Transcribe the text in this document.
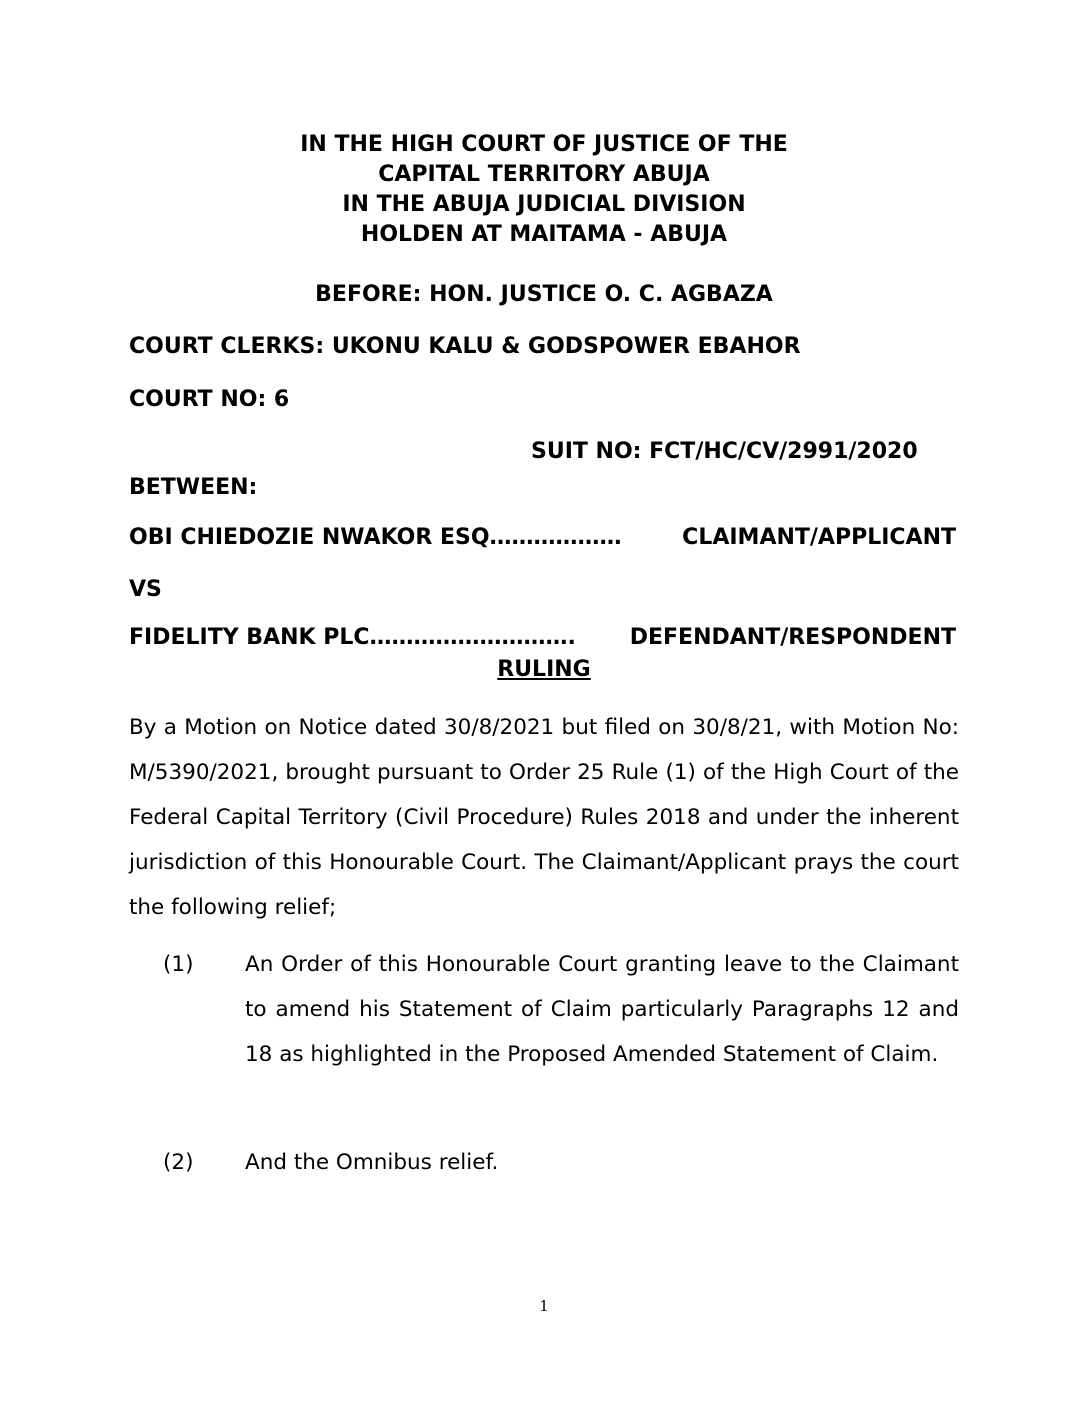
IN THE HIGH COURT OF JUSTICE OF THE

CAPITAL TERRITORY ABUJA

IN THE ABUJA JUDICIAL DIVISION

HOLDEN AT MAITAMA - ABUJA

BEFORE: HON. JUSTICE O. C. AGBAZA

COURT CLERKS: UKONU KALU & GODSPOWER EBAHOR

COURT NO: 6

SUIT NO: FCT/HC/CV/2991/2020

BETWEEN:

OBI CHIEDOZIE NWAKOR ESQ………………	CLAIMANT/APPLICANT

VS

FIDELITY BANK PLC………………………. DEFENDANT/RESPONDENT

RULING

By a Motion on Notice dated 30/8/2021 but filed on 30/8/21, with Motion No: M/5390/2021, brought pursuant to Order 25 Rule (1) of the High Court of the Federal Capital Territory (Civil Procedure) Rules 2018 and under the inherent jurisdiction of this Honourable Court. The Claimant/Applicant prays the court the following relief;

(1) An Order of this Honourable Court granting leave to the Claimant to amend his Statement of Claim particularly Paragraphs 12 and 18 as highlighted in the Proposed Amended Statement of Claim.
(2) And the Omnibus relief.
1
